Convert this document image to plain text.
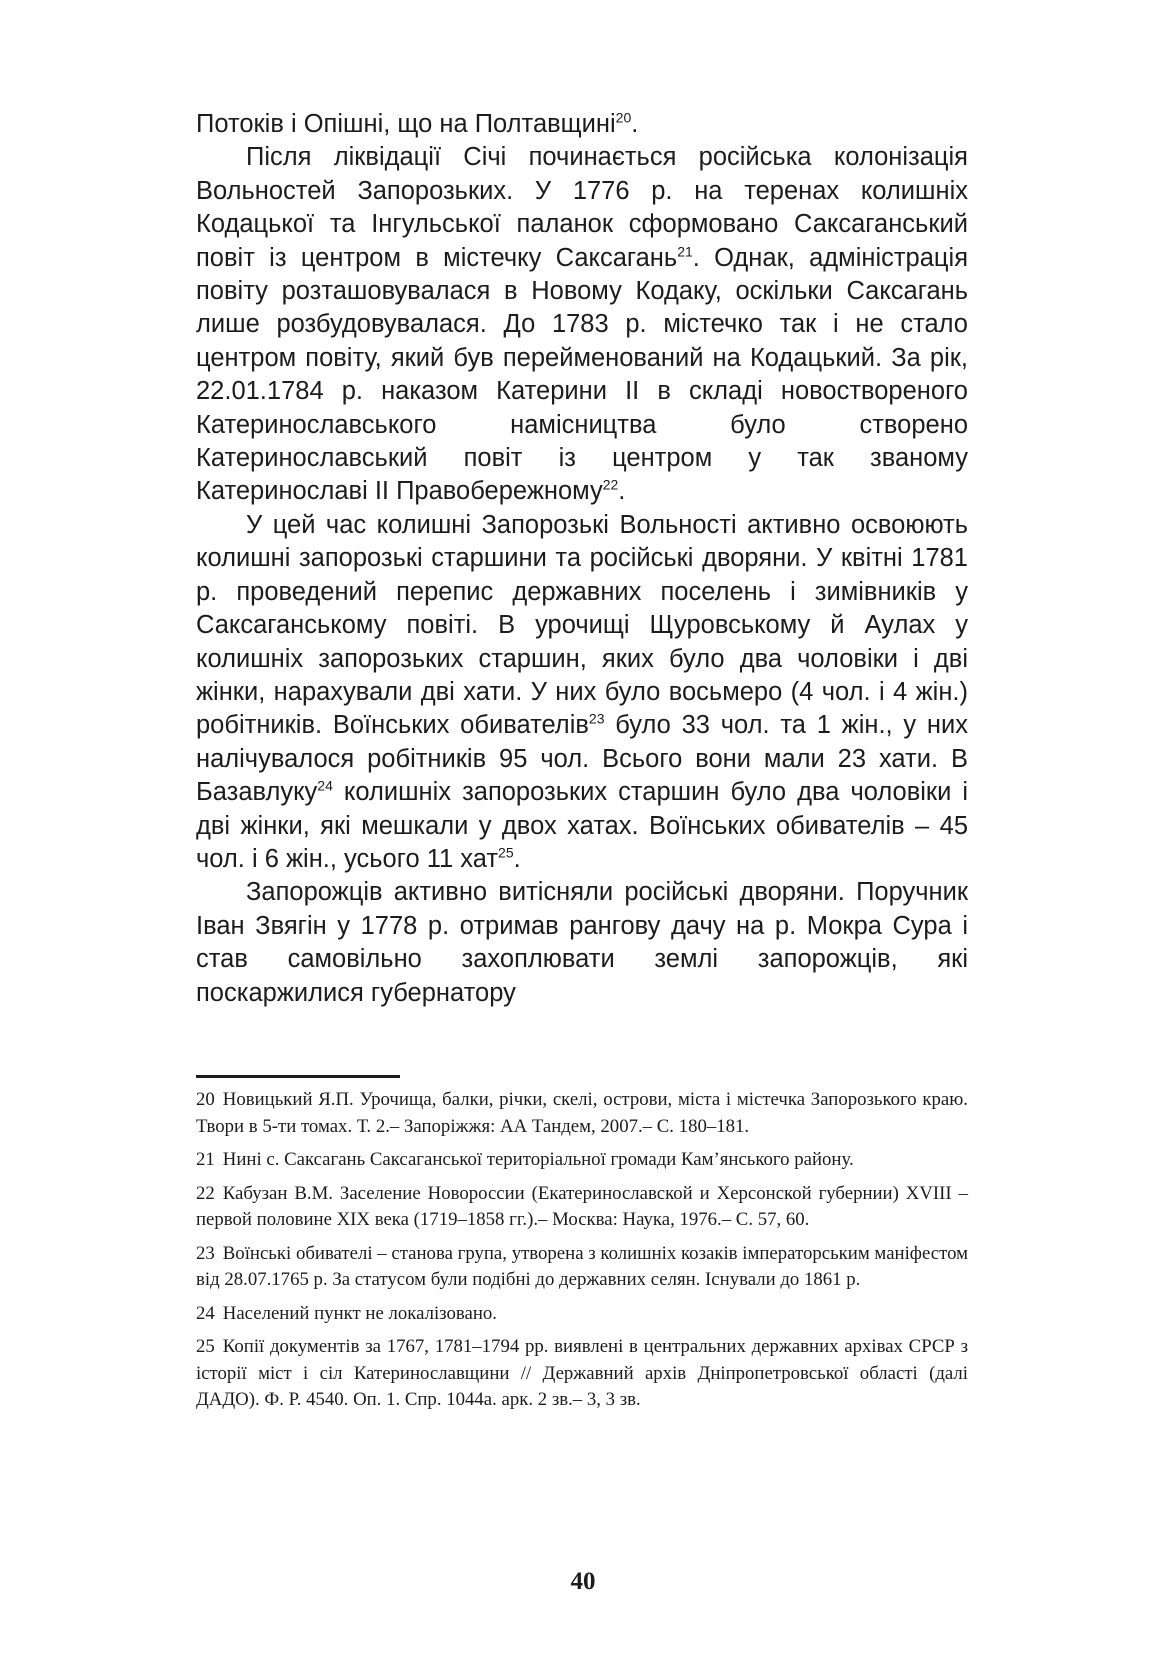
Потоків і Опішні, що на Полтавщині$^{20}$.

Після ліквідації Січі починається російська колонізація Вольностей Запорозьких. У 1776 р. на теренах колишніх Кодацької та Інгульської паланок сформовано Саксаганський повіт із центром в містечку Саксагань$^{21}$. Однак, адміністрація повіту розташовувалася в Новому Кодаку, оскільки Саксагань лише розбудовувалася. До 1783 р. містечко так і не стало центром повіту, який був перейменований на Кодацький. За рік, 22.01.1784 р. наказом Катерини II в складі новоствореного Катеринославського намісництва було створено Катеринославський повіт із центром у так званому Катеринославі II Правобережному$^{22}$.

У цей час колишні Запорозькі Вольності активно освоюють колишні запорозькі старшини та російські дворяни. У квітні 1781 р. проведений перепис державних поселень і зимівників у Саксаганському повіті. В урочищі Щуровському й Аулах у колишніх запорозьких старшин, яких було два чоловіки і дві жінки, нарахували дві хати. У них було восьмеро (4 чол. і 4 жін.) робітників. Воїнських обивателів$^{23}$ було 33 чол. та 1 жін., у них налічувалося робітників 95 чол. Всього вони мали 23 хати. В Базавлуку$^{24}$ колишніх запорозьких старшин було два чоловіки і дві жінки, які мешкали у двох хатах. Воїнських обивателів – 45 чол. і 6 жін., усього 11 хат$^{25}$.

Запорожців активно витісняли російські дворяни. Поручник Іван Звягін у 1778 р. отримав рангову дачу на р. Мокра Сура і став самовільно захоплювати землі запорожців, які поскаржилися губернатору

20 Новицький Я.П. Урочища, балки, річки, скелі, острови, міста і містечка Запорозького краю. Твори в 5-ти томах. Т. 2.– Запоріжжя: АА Тандем, 2007.– С. 180–181.

21 Нині с. Саксагань Саксаганської територіальної громади Кам’янського району.

22 Кабузан В.М. Заселение Новороссии (Екатеринославской и Херсонской губернии) XVIII – первой половине XIX века (1719–1858 гг.).– Москва: Наука, 1976.– С. 57, 60.

23 Воїнські обивателі – станова група, утворена з колишніх козаків імператорським маніфестом від 28.07.1765 р. За статусом були подібні до державних селян. Існували до 1861 р.

24 Населений пункт не локалізовано.

25 Копії документів за 1767, 1781–1794 рр. виявлені в центральних державних архівах СРСР з історії міст і сіл Катеринославщини // Державний архів Дніпропетровської області (далі ДАДО). Ф. Р. 4540. Оп. 1. Спр. 1044а. арк. 2 зв.– 3, 3 зв.

40
